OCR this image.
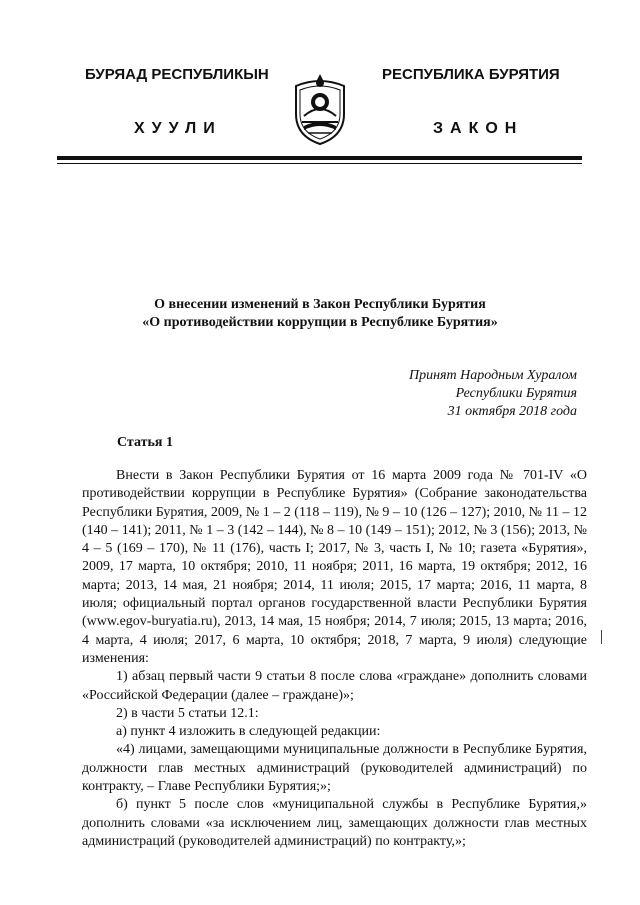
БУРЯАД РЕСПУБЛИКЫН	РЕСПУБЛИКА БУРЯТИЯ
ХУУЛИ	ЗАКОН
О внесении изменений в Закон Республики Бурятия
«О противодействии коррупции в Республике Бурятия»
Принят Народным Хуралом
Республики Бурятия
31 октября 2018 года
Статья 1

Внести в Закон Республики Бурятия от 16 марта 2009 года № 701-IV «О противодействии коррупции в Республике Бурятия» (Собрание законодательства Республики Бурятия, 2009, № 1 – 2 (118 – 119), № 9 – 10 (126 – 127); 2010, № 11 – 12 (140 – 141); 2011, № 1 – 3 (142 – 144), № 8 – 10 (149 – 151); 2012, № 3 (156); 2013, № 4 – 5 (169 – 170), № 11 (176), часть I; 2017, № 3, часть I, № 10; газета «Бурятия», 2009, 17 марта, 10 октября; 2010, 11 ноября; 2011, 16 марта, 19 октября; 2012, 16 марта; 2013, 14 мая, 21 ноября; 2014, 11 июля; 2015, 17 марта; 2016, 11 марта, 8 июля; официальный портал органов государственной власти Республики Бурятия (www.egov-buryatia.ru), 2013, 14 мая, 15 ноября; 2014, 7 июля; 2015, 13 марта; 2016, 4 марта, 4 июля; 2017, 6 марта, 10 октября; 2018, 7 марта, 9 июля) следующие изменения:

1) абзац первый части 9 статьи 8 после слова «граждане» дополнить словами «Российской Федерации (далее – граждане)»;

2) в части 5 статьи 12.1:

а) пункт 4 изложить в следующей редакции:

«4) лицами, замещающими муниципальные должности в Республике Бурятия, должности глав местных администраций (руководителей администраций) по контракту, – Главе Республики Бурятия;»;

б) пункт 5 после слов «муниципальной службы в Республике Бурятия,» дополнить словами «за исключением лиц, замещающих должности глав местных администраций (руководителей администраций) по контракту,»;
